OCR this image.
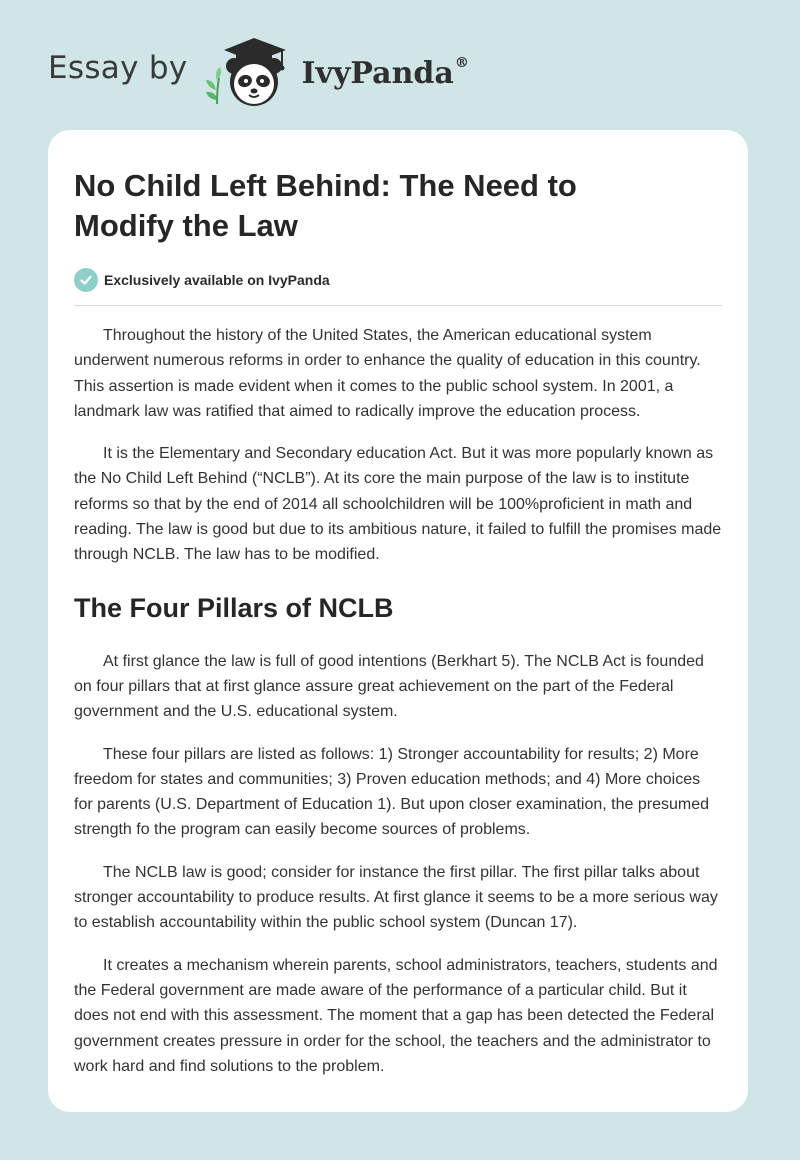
Essay by	IvyPanda®
No Child Left Behind: The Need to Modify the Law
Exclusively available on IvyPanda

Throughout the history of the United States, the American educational system underwent numerous reforms in order to enhance the quality of education in this country. This assertion is made evident when it comes to the public school system. In 2001, a landmark law was ratified that aimed to radically improve the education process.

It is the Elementary and Secondary education Act. But it was more popularly known as the No Child Left Behind (“NCLB”). At its core the main purpose of the law is to institute reforms so that by the end of 2014 all schoolchildren will be 100%proficient in math and reading. The law is good but due to its ambitious nature, it failed to fulfill the promises made through NCLB. The law has to be modified.

The Four Pillars of NCLB

At first glance the law is full of good intentions (Berkhart 5). The NCLB Act is founded on four pillars that at first glance assure great achievement on the part of the Federal government and the U.S. educational system.

These four pillars are listed as follows: 1) Stronger accountability for results; 2) More freedom for states and communities; 3) Proven education methods; and 4) More choices for parents (U.S. Department of Education 1). But upon closer examination, the presumed strength fo the program can easily become sources of problems.

The NCLB law is good; consider for instance the first pillar. The first pillar talks about stronger accountability to produce results. At first glance it seems to be a more serious way to establish accountability within the public school system (Duncan 17).

It creates a mechanism wherein parents, school administrators, teachers, students and the Federal government are made aware of the performance of a particular child. But it does not end with this assessment. The moment that a gap has been detected the Federal government creates pressure in order for the school, the teachers and the administrator to work hard and find solutions to the problem.
